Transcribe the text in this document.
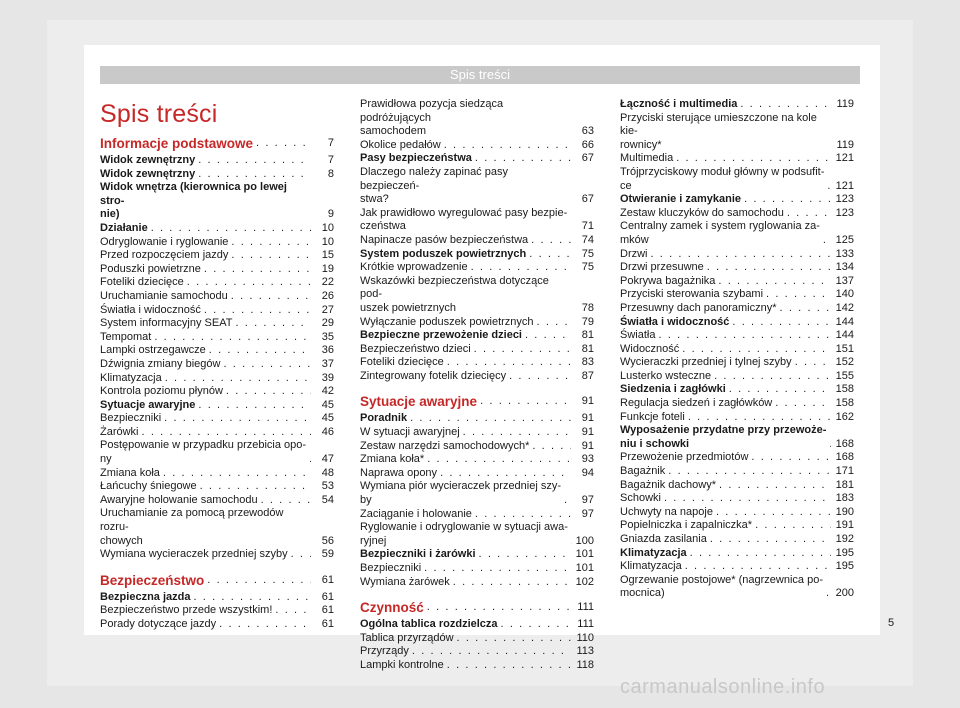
Spis treści
Spis treści
Informacje podstawowe . . .	7
Widok zewnętrzny . . .	7
Widok zewnętrzny . . .	8
Widok wnętrza (kierownica po lewej stro-
nie)	9
Działanie . . .	10
Odryglowanie i ryglowanie . . .	10
Przed rozpoczęciem jazdy . . .	15
Poduszki powietrzne . . .	19
Foteliki dziecięce . . .	22
Uruchamianie samochodu . . .	26
Światła i widoczność . . .	27
System informacyjny SEAT . . .	29
Tempomat . . .	35
Lampki ostrzegawcze . . .	36
Dźwignia zmiany biegów . . .	37
Klimatyzacja . . .	39
Kontrola poziomu płynów . . .	42
Sytuacje awaryjne . . .	45
Bezpieczniki . . .	45
Żarówki . . .	46
Postępowanie w przypadku przebicia opo-
ny . . .	47
Zmiana koła . . .	48
Łańcuchy śniegowe . . .	53
Awaryjne holowanie samochodu . . .	54
Uruchamianie za pomocą przewodów rozru-
chowych	56
Wymiana wycieraczek przedniej szyby . . .	59
Bezpieczeństwo . . .	61
Bezpieczna jazda . . .	61
Bezpieczeństwo przede wszystkim! . . .	61
Porady dotyczące jazdy . . .	61
Prawidłowa pozycja siedząca podróżujących
samochodem	63
Okolice pedałów . . .	66
Pasy bezpieczeństwa . . .	67
Dlaczego należy zapinać pasy bezpieczeń-
stwa?	67
Jak prawidłowo wyregulować pasy bezpie-
czeństwa . . .	71
Napinacze pasów bezpieczeństwa . . .	74
System poduszek powietrznych . . .	75
Krótkie wprowadzenie . . .	75
Wskazówki bezpieczeństwa dotyczące pod-
uszek powietrznych	78
Wyłączanie poduszek powietrznych . . .	79
Bezpieczne przewożenie dzieci . . .	81
Bezpieczeństwo dzieci . . .	81
Foteliki dziecięce . . .	83
Zintegrowany fotelik dziecięcy . . .	87
Sytuacje awaryjne . . .	91
Poradnik . . .	91
W sytuacji awaryjnej . . .	91
Zestaw narzędzi samochodowych* . . .	91
Zmiana koła* . . .	93
Naprawa opony . . .	94
Wymiana piór wycieraczek przedniej szy-
by . . .	97
Zaciąganie i holowanie . . .	97
Ryglowanie i odryglowanie w sytuacji awa-
ryjnej . . .	100
Bezpieczniki i żarówki . . .	101
Bezpieczniki . . .	101
Wymiana żarówek . . .	102
Czynność . . .	111
Ogólna tablica rozdzielcza . . .	111
Tablica przyrządów . . .	110
Przyrządy . . .	113
Lampki kontrolne . . .	118
Łączność i multimedia . . .	119
Przyciski sterujące umieszczone na kole kie-
rownicy*	119
Multimedia . . .	121
Trójprzyciskowy moduł główny w podsufit-
ce . . .	121
Otwieranie i zamykanie . . .	123
Zestaw kluczyków do samochodu . . .	123
Centralny zamek i system ryglowania za-
mków . . .	125
Drzwi . . .	133
Drzwi przesuwne . . .	134
Pokrywa bagażnika . . .	137
Przyciski sterowania szybami . . .	140
Przesuwny dach panoramiczny* . . .	142
Światła i widoczność . . .	144
Światła . . .	144
Widoczność . . .	151
Wycieraczki przedniej i tylnej szyby . . .	152
Lusterko wsteczne . . .	155
Siedzenia i zagłówki . . .	158
Regulacja siedzeń i zagłówków . . .	158
Funkcje foteli . . .	162
Wyposażenie przydatne przy przewoże-
niu i schowki . . .	168
Przewożenie przedmiotów . . .	168
Bagażnik . . .	171
Bagażnik dachowy* . . .	181
Schowki . . .	183
Uchwyty na napoje . . .	190
Popielniczka i zapalniczka* . . .	191
Gniazda zasilania . . .	192
Klimatyzacja . . .	195
Klimatyzacja . . .	195
Ogrzewanie postojowe* (nagrzewnica po-
mocnica) . . .	200
5
carmanualsonline.info
